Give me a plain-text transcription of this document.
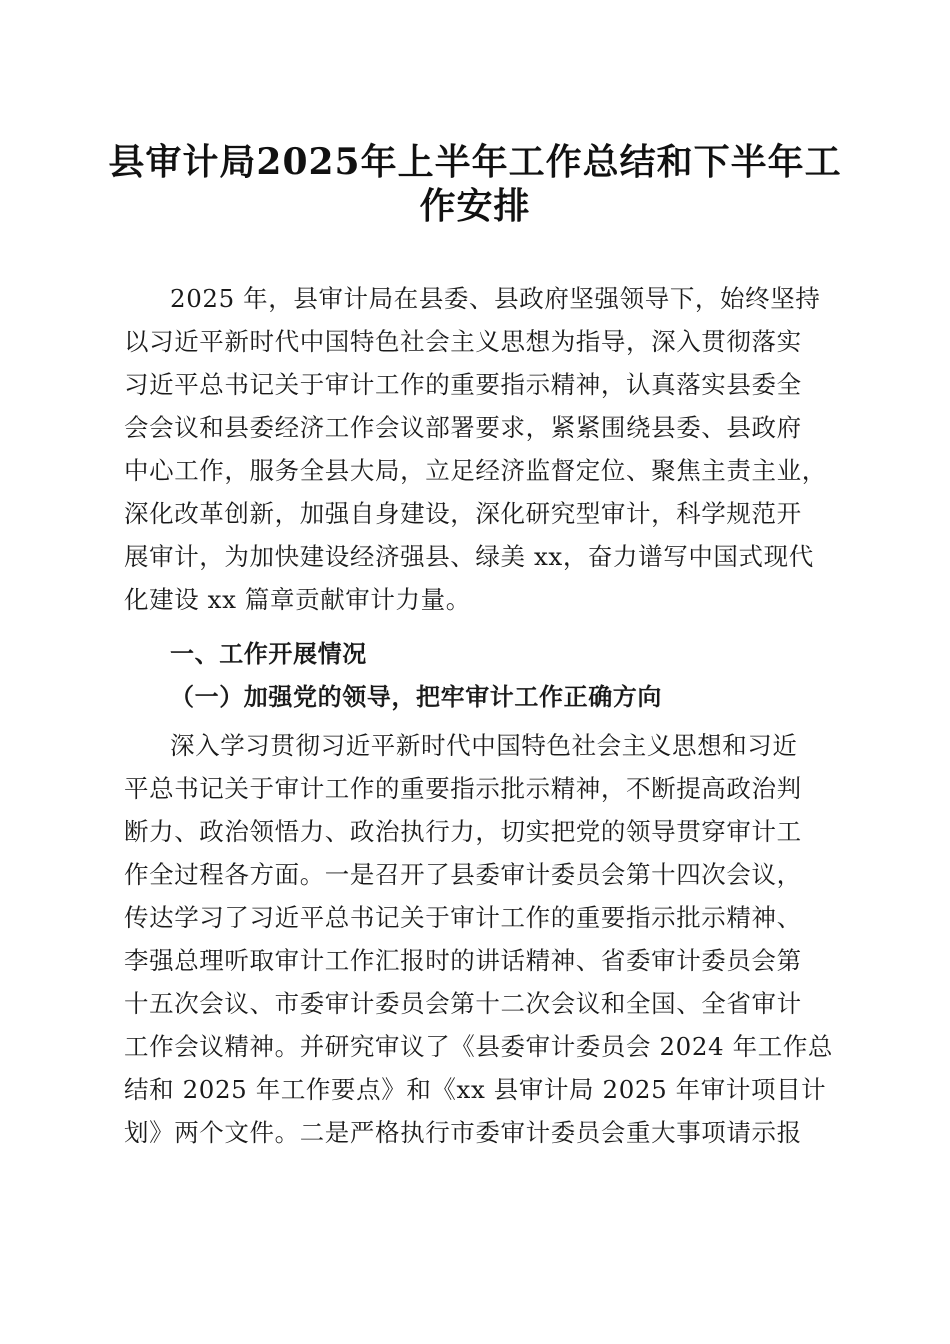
县审计局2025年上半年工作总结和下半年工
作安排
2025 年，县审计局在县委、县政府坚强领导下，始终坚持
以习近平新时代中国特色社会主义思想为指导，深入贯彻落实
习近平总书记关于审计工作的重要指示精神，认真落实县委全
会会议和县委经济工作会议部署要求，紧紧围绕县委、县政府
中心工作，服务全县大局，立足经济监督定位、聚焦主责主业，
深化改革创新，加强自身建设，深化研究型审计，科学规范开
展审计，为加快建设经济强县、绿美 xx，奋力谱写中国式现代
化建设 xx 篇章贡献审计力量。
一、工作开展情况
（一）加强党的领导，把牢审计工作正确方向
深入学习贯彻习近平新时代中国特色社会主义思想和习近
平总书记关于审计工作的重要指示批示精神，不断提高政治判
断力、政治领悟力、政治执行力，切实把党的领导贯穿审计工
作全过程各方面。一是召开了县委审计委员会第十四次会议，
传达学习了习近平总书记关于审计工作的重要指示批示精神、
李强总理听取审计工作汇报时的讲话精神、省委审计委员会第
十五次会议、市委审计委员会第十二次会议和全国、全省审计
工作会议精神。并研究审议了《县委审计委员会 2024 年工作总
结和 2025 年工作要点》和《xx 县审计局 2025 年审计项目计
划》两个文件。二是严格执行市委审计委员会重大事项请示报
